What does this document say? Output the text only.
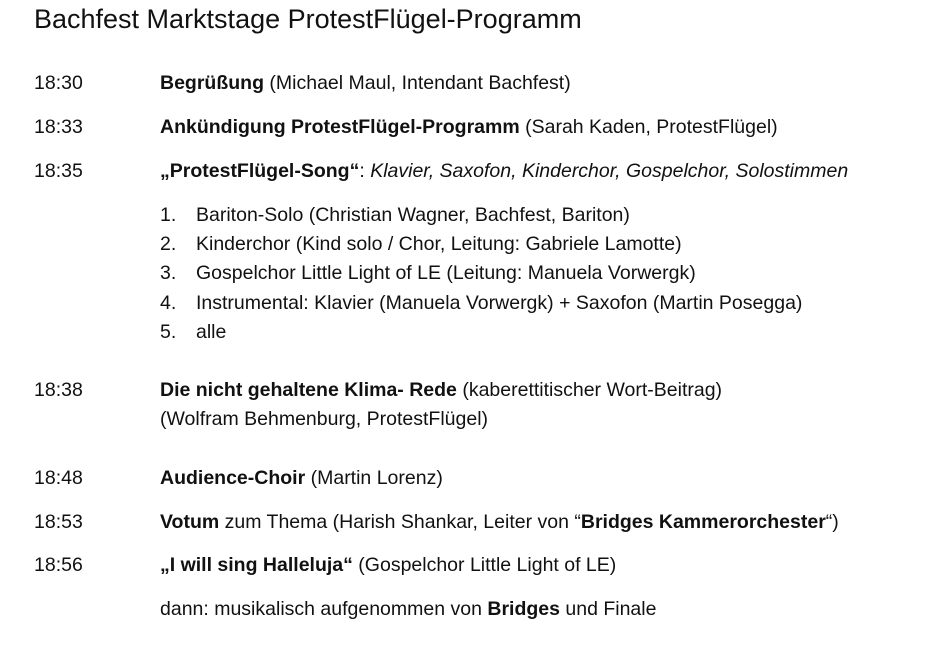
Bachfest Marktstage ProtestFlügel-Programm
18:30	Begrüßung (Michael Maul, Intendant Bachfest)
18:33	Ankündigung ProtestFlügel-Programm (Sarah Kaden, ProtestFlügel)
18:35	„ProtestFlügel-Song“: Klavier, Saxofon, Kinderchor, Gospelchor, Solostimmen
1. Bariton-Solo (Christian Wagner, Bachfest, Bariton)
2. Kinderchor (Kind solo / Chor, Leitung: Gabriele Lamotte)
3. Gospelchor Little Light of LE (Leitung: Manuela Vorwergk)
4. Instrumental: Klavier (Manuela Vorwergk) + Saxofon (Martin Posegga)
5. alle
18:38	Die nicht gehaltene Klima- Rede (kaberettitischer Wort-Beitrag)
(Wolfram Behmenburg, ProtestFlügel)
18:48	Audience-Choir (Martin Lorenz)
18:53	Votum zum Thema (Harish Shankar, Leiter von “Bridges Kammerorchester“)
18:56	„I will sing Halleluja“ (Gospelchor Little Light of LE)
dann: musikalisch aufgenommen von Bridges und Finale
